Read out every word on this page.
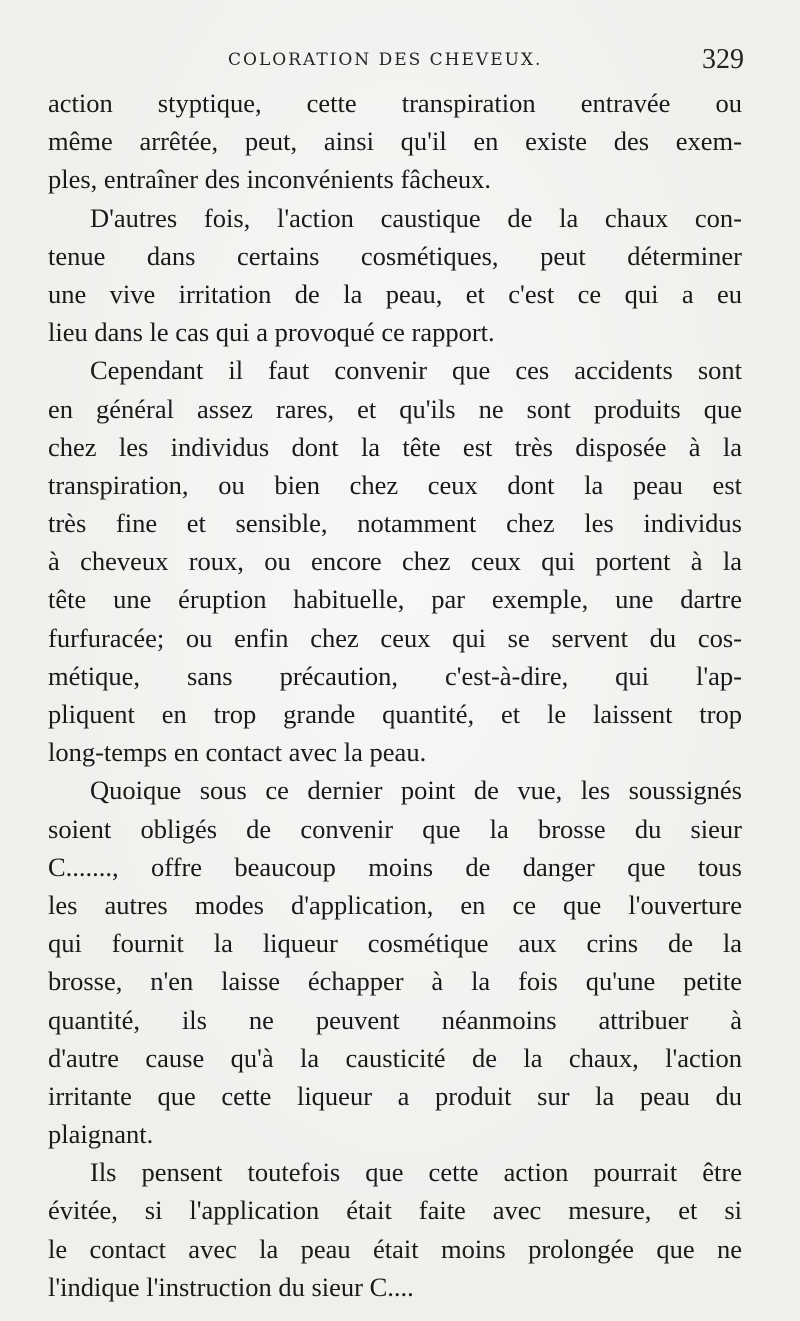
COLORATION DES CHEVEUX.	329
action styptique, cette transpiration entravée ou
même arrêtée, peut, ainsi qu'il en existe des exem-
ples, entraîner des inconvénients fâcheux.
D'autres fois, l'action caustique de la chaux con-
tenue dans certains cosmétiques, peut déterminer
une vive irritation de la peau, et c'est ce qui a eu
lieu dans le cas qui a provoqué ce rapport.
Cependant il faut convenir que ces accidents sont
en général assez rares, et qu'ils ne sont produits que
chez les individus dont la tête est très disposée à la
transpiration, ou bien chez ceux dont la peau est
très fine et sensible, notamment chez les individus
à cheveux roux, ou encore chez ceux qui portent à la
tête une éruption habituelle, par exemple, une dartre
furfuracée; ou enfin chez ceux qui se servent du cos-
métique, sans précaution, c'est-à-dire, qui l'ap-
pliquent en trop grande quantité, et le laissent trop
long-temps en contact avec la peau.
Quoique sous ce dernier point de vue, les soussignés
soient obligés de convenir que la brosse du sieur
C......., offre beaucoup moins de danger que tous
les autres modes d'application, en ce que l'ouverture
qui fournit la liqueur cosmétique aux crins de la
brosse, n'en laisse échapper à la fois qu'une petite
quantité, ils ne peuvent néanmoins attribuer à
d'autre cause qu'à la causticité de la chaux, l'action
irritante que cette liqueur a produit sur la peau du
plaignant.
Ils pensent toutefois que cette action pourrait être
évitée, si l'application était faite avec mesure, et si
le contact avec la peau était moins prolongée que ne
l'indique l'instruction du sieur C....
